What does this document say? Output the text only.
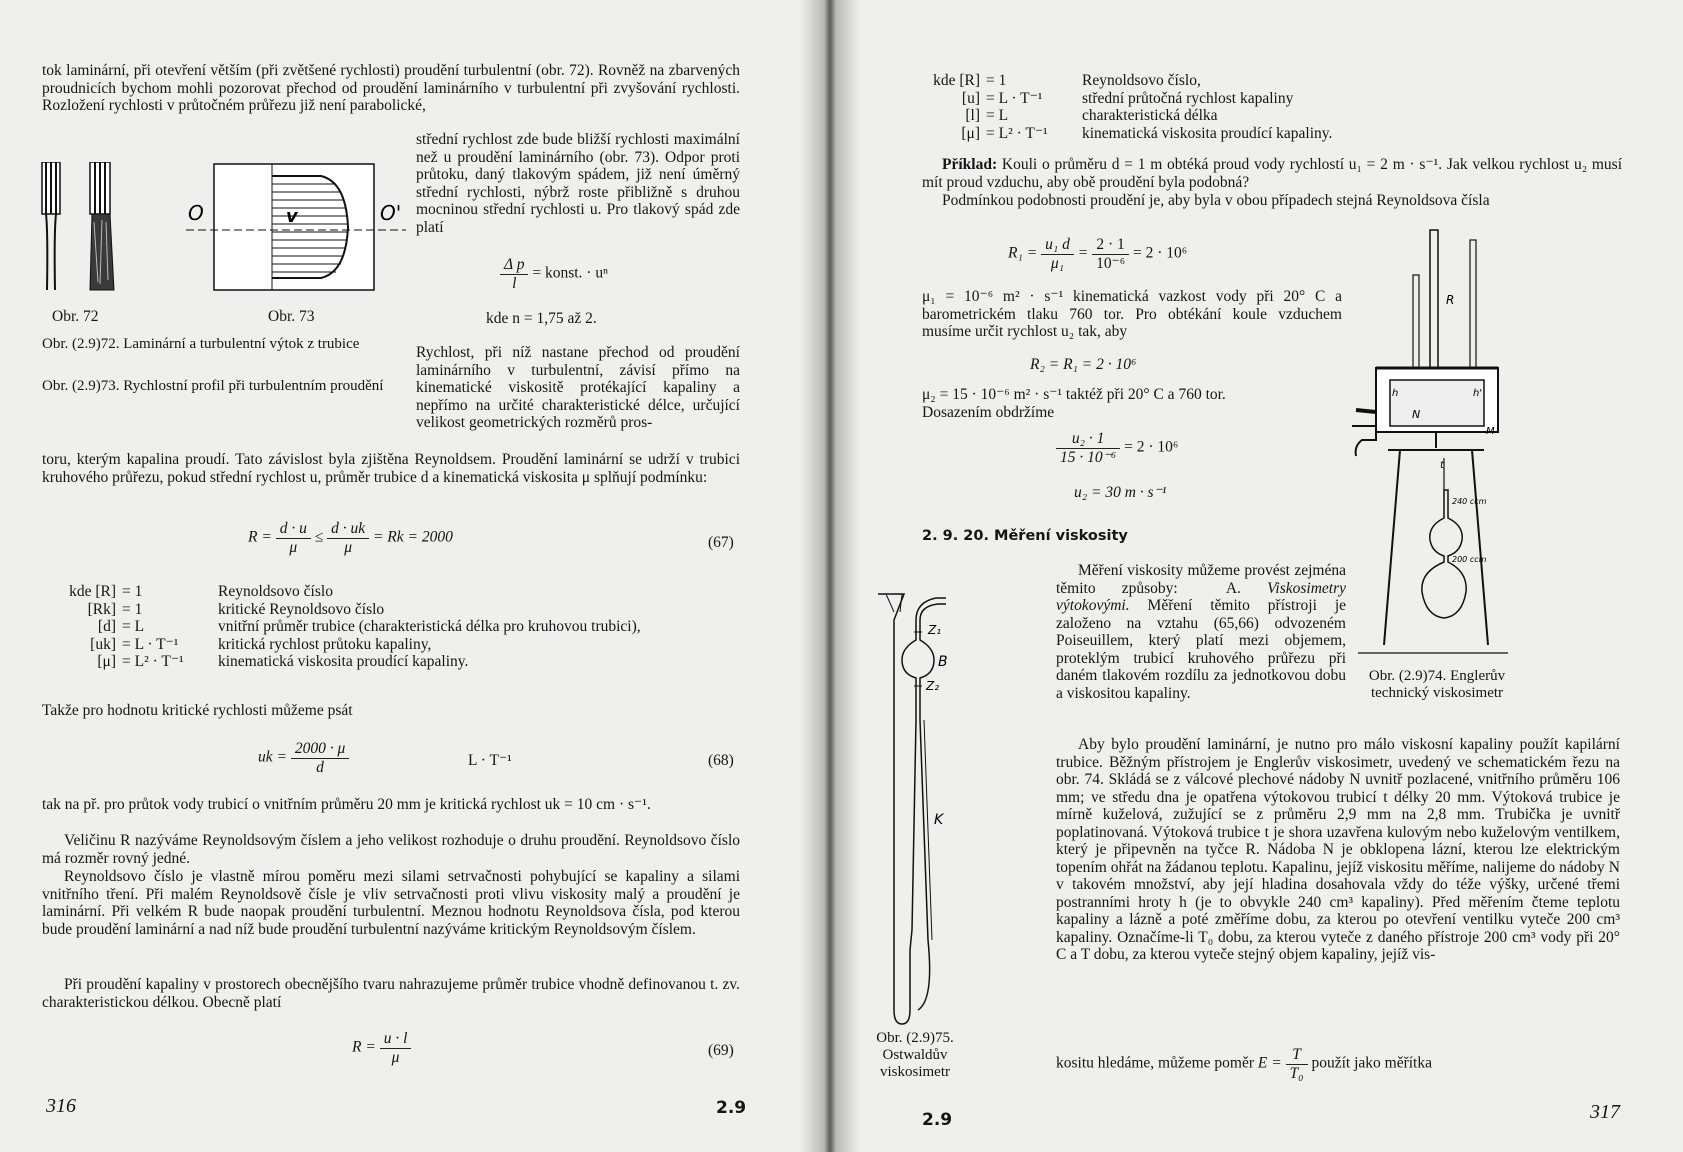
tok laminární, při otevření větším (při zvětšené rychlosti) proudění turbulentní (obr. 72). Rovněž na zbarvených proudnicích bychom mohli pozorovat přechod od proudění laminárního v turbulentní při zvyšování rychlosti. Rozložení rychlosti v průtočném průřezu již není parabolické,
Obr. 72
O	O'
v
Obr. 73
střední rychlost zde bude bližší rychlosti maximální než u proudění laminárního (obr. 73). Odpor proti průtoku, daný tlakovým spádem, již není úměrný střední rychlosti, nýbrž roste přibližně s druhou mocninou střední rychlosti u. Pro tlakový spád zde platí
$\frac{\text{Δ p}}{l}$ = konst. · uⁿ
kde n = 1,75 až 2.
Obr. (2.9)72. Laminární a turbulentní výtok z trubice
Obr. (2.9)73. Rychlostní profil při turbulentním proudění
Rychlost, při níž nastane přechod od proudění laminárního v turbulentní, závisí přímo na kinematické viskositě protékající kapaliny a nepřímo na určité charakteristické délce, určující velikost geometrických rozměrů pros-
toru, kterým kapalina proudí. Tato závislost byla zjištěna Reynoldsem. Proudění laminární se udrží v trubici kruhového průřezu, pokud střední rychlost u, průměr trubice d a kinematická viskosita μ splňují podmínku:
$R = \frac{d \cdot u}{\mu} \le \frac{d \cdot uk}{\mu} = Rk = 2000$	(67)
kde [R]	= 1	Reynoldsovo číslo
[Rk]	= 1	kritické Reynoldsovo číslo
[d]	= L	vnitřní průměr trubice (charakteristická délka pro kruhovou trubici),
[uk]	= L · T⁻¹	kritická rychlost průtoku kapaliny,
[μ]	= L² · T⁻¹	kinematická viskosita proudící kapaliny.
Takže pro hodnotu kritické rychlosti můžeme psát
uk = $\frac{2000 \cdot \mu}{d}$	L · T⁻¹	(68)
tak na př. pro průtok vody trubicí o vnitřním průměru 20 mm je kritická rychlost uk = 10 cm · s⁻¹.
Veličinu R nazýváme Reynoldsovým číslem a jeho velikost rozhoduje o druhu proudění. Reynoldsovo číslo má rozměr rovný jedné.
Reynoldsovo číslo je vlastně mírou poměru mezi silami setrvačnosti pohybující se kapaliny a silami vnitřního tření. Při malém Reynoldsově čísle je vliv setrvačnosti proti vlivu viskosity malý a proudění je laminární. Při velkém R bude naopak proudění turbulentní. Meznou hodnotu Reynoldsova čísla, pod kterou bude proudění laminární a nad níž bude proudění turbulentní nazýváme kritickým Reynoldsovým číslem.
Při proudění kapaliny v prostorech obecnějšího tvaru nahrazujeme průměr trubice vhodně definovanou t. zv. charakteristickou délkou. Obecně platí
$R = \frac{u \cdot l}{\mu}$	(69)
316	2.9
kde [R]	= 1	Reynoldsovo číslo,
[u]	= L · T⁻¹	střední průtočná rychlost kapaliny
[l]	= L	charakteristická délka
[μ]	= L² · T⁻¹	kinematická viskosita proudící kapaliny.
Příklad: Kouli o průměru d = 1 m obtéká proud vody rychlostí u₁ = 2 m · s⁻¹. Jak velkou rychlost u₂ musí mít proud vzduchu, aby obě proudění byla podobná?
Podmínkou podobnosti proudění je, aby byla v obou případech stejná Reynoldsova čísla
$R_1 = \frac{\text{u₁ d}}{\text{μ₁}} = \frac{2 \cdot 1}{\text{10⁻⁶}} = 2 \cdot 10^6$
μ₁ = 10⁻⁶ m² · s⁻¹ kinematická vazkost vody při 20° C a barometrickém tlaku 760 tor. Pro obtékání koule vzduchem musíme určit rychlost u₂ tak, aby
R₂ = R₁ = 2 · 10⁶
μ₂ = 15 · 10⁻⁶ m² · s⁻¹ taktéž při 20° C a 760 tor.
Dosazením obdržíme
$\frac{\text{u₂ · 1}}{\text{15 · 10⁻⁶}} = 2 \cdot 10^6$
u₂ = 30 m · s⁻¹
2. 9. 20. Měření viskosity
R
N
h	h'
M
t
240 ccm
200 ccm
Obr. (2.9)74. Englerův technický viskosimetr
Z₁
B
Z₂
K
Obr. (2.9)75. Ostwaldův viskosimetr
Měření viskosity můžeme provést zejména těmito způsoby:	A. Viskosimetry výtokovými. Měření těmito přístroji je založeno na vztahu (65,66) odvozeném Poiseuillem, který platí mezi objemem, proteklým trubicí kruhového průřezu při daném tlakovém rozdílu za jednotkovou dobu a viskositou kapaliny.
Aby bylo proudění laminární, je nutno pro málo viskosní kapaliny použít kapilární trubice. Běžným přístrojem je Englerův viskosimetr, uvedený ve schematickém řezu na obr. 74. Skládá se z válcové plechové nádoby N uvnitř pozlacené, vnitřního průměru 106 mm; ve středu dna je opatřena výtokovou trubicí t délky 20 mm. Výtoková trubice je mírně kuželová, zužující se z průměru 2,9 mm na 2,8 mm. Trubička je uvnitř poplatinovaná. Výtoková trubice t je shora uzavřena kulovým nebo kuželovým ventilkem, který je připevněn na tyčce R. Nádoba N je obklopena lázní, kterou lze elektrickým topením ohřát na žádanou teplotu. Kapalinu, jejíž viskositu měříme, nalijeme do nádoby N v takovém množství, aby její hladina dosahovala vždy do téže výšky, určené třemi postranními hroty h (je to obvykle 240 cm³ kapaliny). Před měřením čteme teplotu kapaliny a lázně a poté změříme dobu, za kterou po otevření ventilku vyteče 200 cm³ kapaliny. Označíme-li T₀ dobu, za kterou vyteče z daného přístroje 200 cm³ vody při 20° C a T dobu, za kterou vyteče stejný objem kapaliny, jejíž vis-
kositu hledáme, můžeme poměr $E = \frac{T}{\text{T₀}}$ použít jako měřítka
2.9	317
